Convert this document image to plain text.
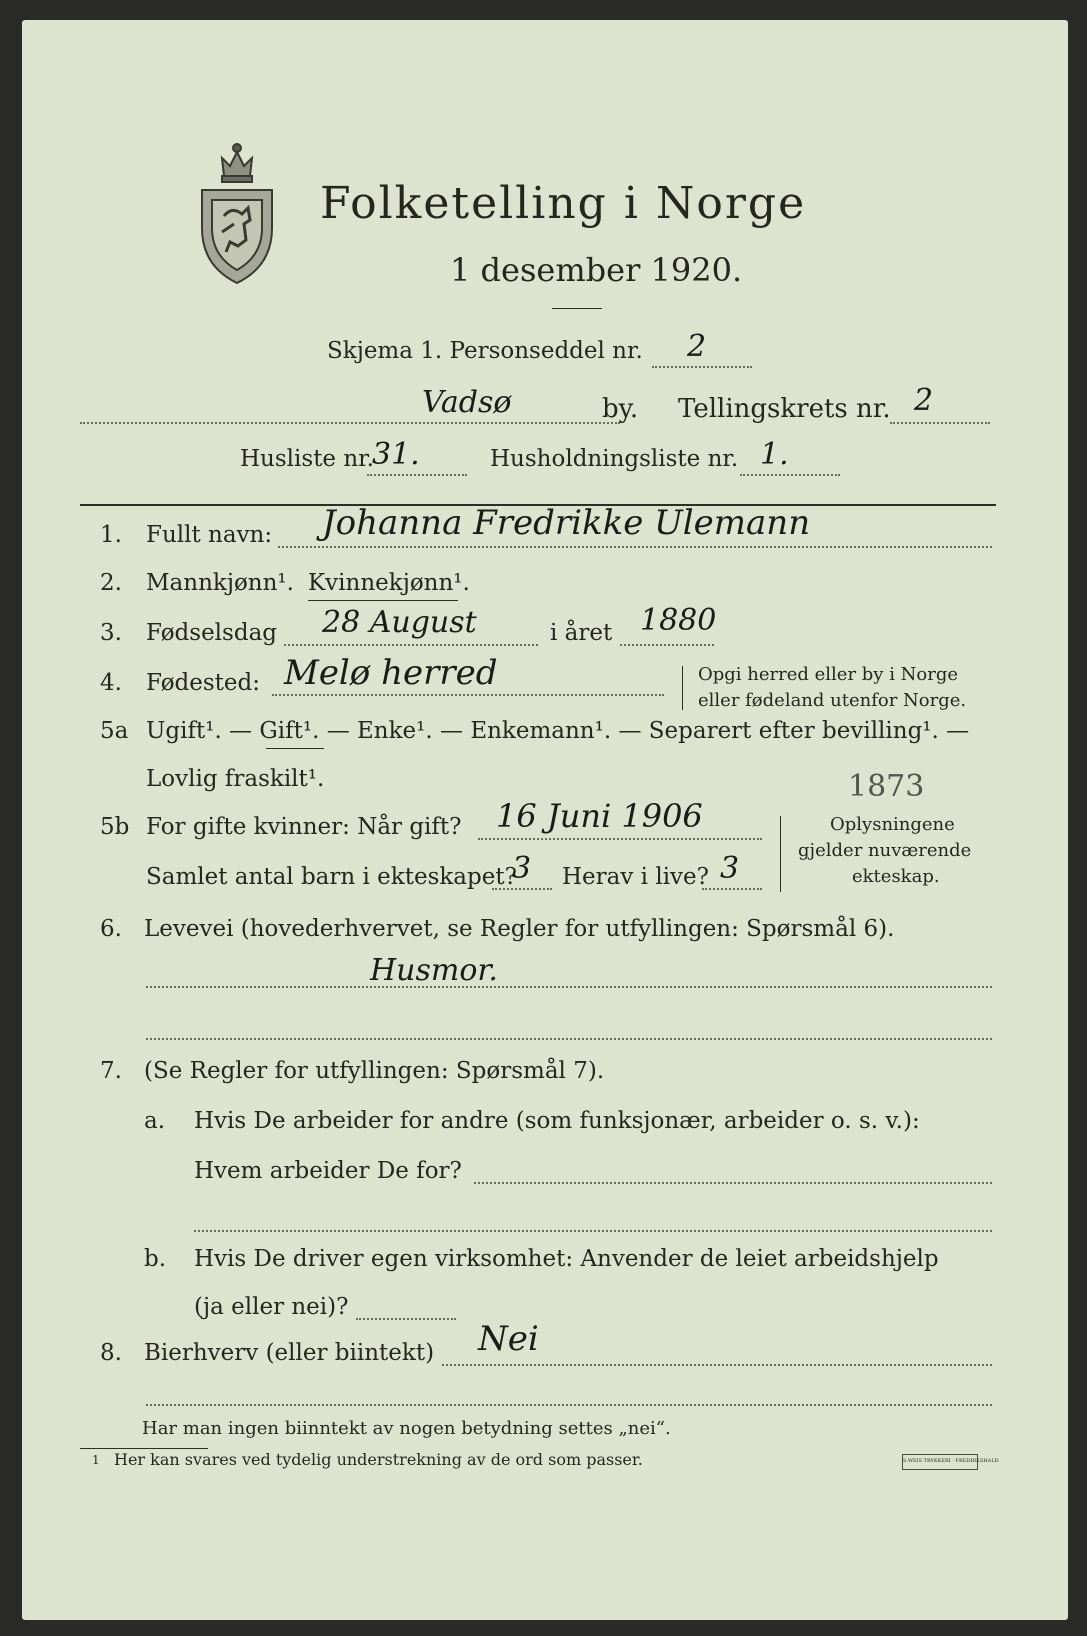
Folketelling i Norge
1 desember 1920.
Skjema 1. Personseddel nr. 2
Vadsø	by. Tellingskrets nr. 2
Husliste nr.
31.	Husholdningsliste nr. 1.
1. Fullt navn: Johanna Fredrikke Ulemann
2. Mannkjønn¹. Kvinnekjønn¹.
3. Fødselsdag 28 August	i året 1880
4. Fødested: Melø herred	Opgi herred eller by i Norge
eller fødeland utenfor Norge.
5a Ugift¹. — Gift¹. — Enke¹. — Enkemann¹. — Separert efter bevilling¹. —
Lovlig fraskilt¹.	1873
5b For gifte kvinner: Når gift? 16 Juni 1906
Samlet antal barn i ekteskapet?
3 Herav i live? 3
Oplysningene
gjelder nuværende
ekteskap.
6. Levevei (hovederhvervet, se Regler for utfyllingen: Spørsmål 6).
Husmor.
7. (Se Regler for utfyllingen: Spørsmål 7).
a. Hvis De arbeider for andre (som funksjonær, arbeider o. s. v.):
Hvem arbeider De for?
b. Hvis De driver egen virksomhet: Anvender de leiet arbeidshjelp
(ja eller nei)?
8. Bierhverv (eller biintekt) Nei
Har man ingen biinntekt av nogen betydning settes „nei“.
1 Her kan svares ved tydelig understrekning av de ord som passer.	S.WEIS TRYKKERI · FREDRIKSHALD
